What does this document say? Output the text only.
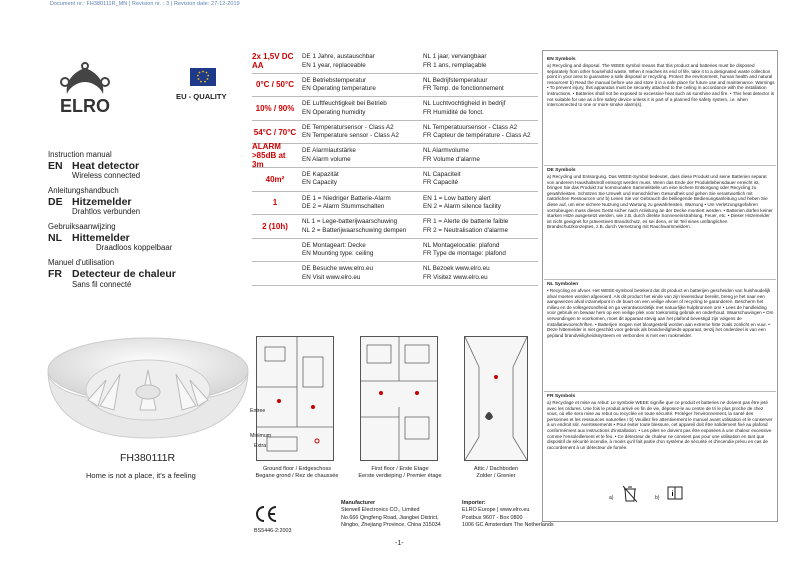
Document nr.: FH380111R_MN | Revision nr. : 3 | Revision date: 27-12-2019
ELRO	EU - QUALITY
Instruction manual
EN Heat detector
Wireless connected
Anleitungshandbuch
DE Hitzemelder
Drahtlos verbunden
Gebruiksaanwijzing
NL Hittemelder
Draadloos koppelbaar
Manuel d'utilisation
FR Detecteur de chaleur
Sans fil connecté
FH380111R
Home is not a place, it's a feeling
2x 1,5V DC AA
DE 1 Jahre, austauschbar
EN 1 year, replaceable
NL 1 jaar, vervangbaar
FR 1 ans, remplaçable
0°C / 50°C
DE Betriebstemperatur
EN Operating temperature
NL Bedrijfstemperatuur
FR Temp. de fonctionnement
10% / 90%
DE Luftfeuchtigkeit bei Betrieb
EN Operating humidity
NL Luchtvochtigheid in bedrijf
FR Humidité de fonct.
54°C / 70°C
DE Temperatursensor - Class A2
EN Temperature sensor - Class A2
NL Temperatuursensor - Class A2
FR Capteur de température - Class A2
ALARM >85dB at 3m
DE Alarmlautstärke
EN Alarm volume
NL Alarmvolume
FR Volume d'alarme
40m²
DE Kapazität
EN Capacity
NL Capaciteit
FR Capacité
1
DE 1 = Niedriger Batterie-Alarm
DE 2 = Alarm Stummschalten
EN 1 = Low battery alert
EN 2 = Alarm silence facility
2 (10h)
NL 1 = Lege-batterijwaarschuwing
NL 2 = Batterijwaarschuwing dempen
FR 1 = Alerte de batterie faible
FR 2 = Neutralisation d'alarme
DE Montageart: Decke
EN Mounting type: ceiling
NL Montagelocatie: plafond
FR Type de montage: plafond
DE Besuche www.elro.eu
EN Visit www.elro.eu
NL Bezoek www.elro.eu
FR Visitez www.elro.eu
Entree
Minimum
Extra
Ground floor / Erdgeschoss
Begane grond / Rez de chaussée
First floor / Erste Etage
Eerste verdieping / Premier étage
Attic / Dachboden
Zolder / Grenier
BS5446-2:2003
Manufacturer
Sterwell Electronics CO., Limited
No.666 Qingfeng Road, Jiangbei District,
Ningbo, Zhejiang Province, China 315034
Importer:
ELRO Europe | www.elro.eu
Postbus 9607 - Box 0800
1006 GC Amsterdam The Netherlands
-1-
EN Symbols
a) Recycling and disposal. The WEEE symbol means that this product and batteries must be disposed separately from other household waste. When it reaches its end of life, take it to a designated waste collection point in your area to guarantee a safe disposal or recycling. Protect the environment, human health and natural resources! b) Read the manual before use and store it in a safe place for future use and maintenance. Warnings • To prevent injury, this apparatus must be securely attached to the ceiling in accordance with the installation instructions. • Batteries shall not be exposed to excessive heat such as sunshine and fire. • This heat detector is not suitable for use as a fire safety device unless it is part of a planned fire safety system, i.e. when interconnected to one or more smoke alarm(s).
DE Symbols
a) Recycling und Entsorgung. Das WEEE-Symbol bedeutet, dass diese Produkt und seine Batterien separat von anderem Haushaltsmüll entsorgt werden muss. Wenn das Ende der Produktlebensdauer erreicht ist, bringen Sie das Produkt zur kommunalen Sammelstelle um eine sichere Entsorgung oder Recycling zu gewährleisten. Schützen Sie Umwelt und menschlichen Gesundheit und gehen Sie verantwortlich mit natürlichen Ressourcen um! b) Lesen Sie vor Gebrauch die beiliegende Bedienungsanleitung und heben Sie diese auf, um eine sichere Nutzung und Wartung zu gewährleisten. Warnung • Um Verletzungsgefahren vorzubeugen muss dieses Gerät sicher nach Anleitung an der Decke montiert werden. • Batterien dürfen keiner starken Hitze ausgesetzt werden, wie z.B. durch direkte Sonneneinstrahlung, Feuer, etc. • Dieser Hitzemelder ist nicht geeignet für präventiven Brandschutz, es sei denn, er ist Teil eines umfänglichen Brandschutzkonzeptes, z.B. durch Vernetzung mit Rauchwarnmeldern.
NL Symbolen
• Recycling en afvoer. Het WEEE-symbool betekent dat dit product en batterijen gescheiden van huishoudelijk afval moeten worden afgevoerd. Als dit product het einde van zijn levensduur bereikt, breng je het naar een aangewezen afval inzamelpunt in de buurt om een veilige afvoer of recycling te garanderen. Bescherm het milieu en de volksgezondheid en ga verantwoordelijk met natuurlijke hulpbronnen om! • Lees de handleiding voor gebruik en bewaar hem op een veilige plek voor toekomstig gebruik en onderhoud. Waarschuwingen • Om verwondingen te voorkomen, moet dit apparaat stevig aan het plafond bevestigd zijn volgens de installatievoorschriften. • Batterijen mogen niet blootgesteld worden aan extreme hitte zoals zonlicht en vuur. • Deze hittemelder is niet geschikt voor gebruik als brandveiligheids-apparaat, tenzij het onderdeel is van een gepland brandveiligheidssysteem en verbonden is met een rookmelder.
FR Symbols
a) Recyclage et mise au rebut: Le symbole WEEE signifie que ce produit et batteries ne doivent pas être jeté avec les ordures. Une fois le produit arrivé en fin de vie, déposez-le au centre de tri le plus proche de chez vous, où elle sera mise au rebut ou recyclée en toute sécurité. Protéger l'environnement, la santé des personnes et les ressources naturelles ! b) Veuillez lire attentivement le manuel avant utilisation et le conserver à un endroit sûr. Avertissements • Pour éviter toute blessure, cet appareil doit être solidement fixé au plafond conformément aux instructions d'installation. • Les piles ne doivent pas être exposées à une chaleur excessive comme l'ensoleillement et le feu. • Ce détecteur de chaleur ne convient pas pour une utilisation en tant que dispositif de sécurité incendie, à moins qu'il fait partie d'un système de sécurité et d'incendie prévu en cas de raccordement à un détecteur de fumée.
a)	b) i
